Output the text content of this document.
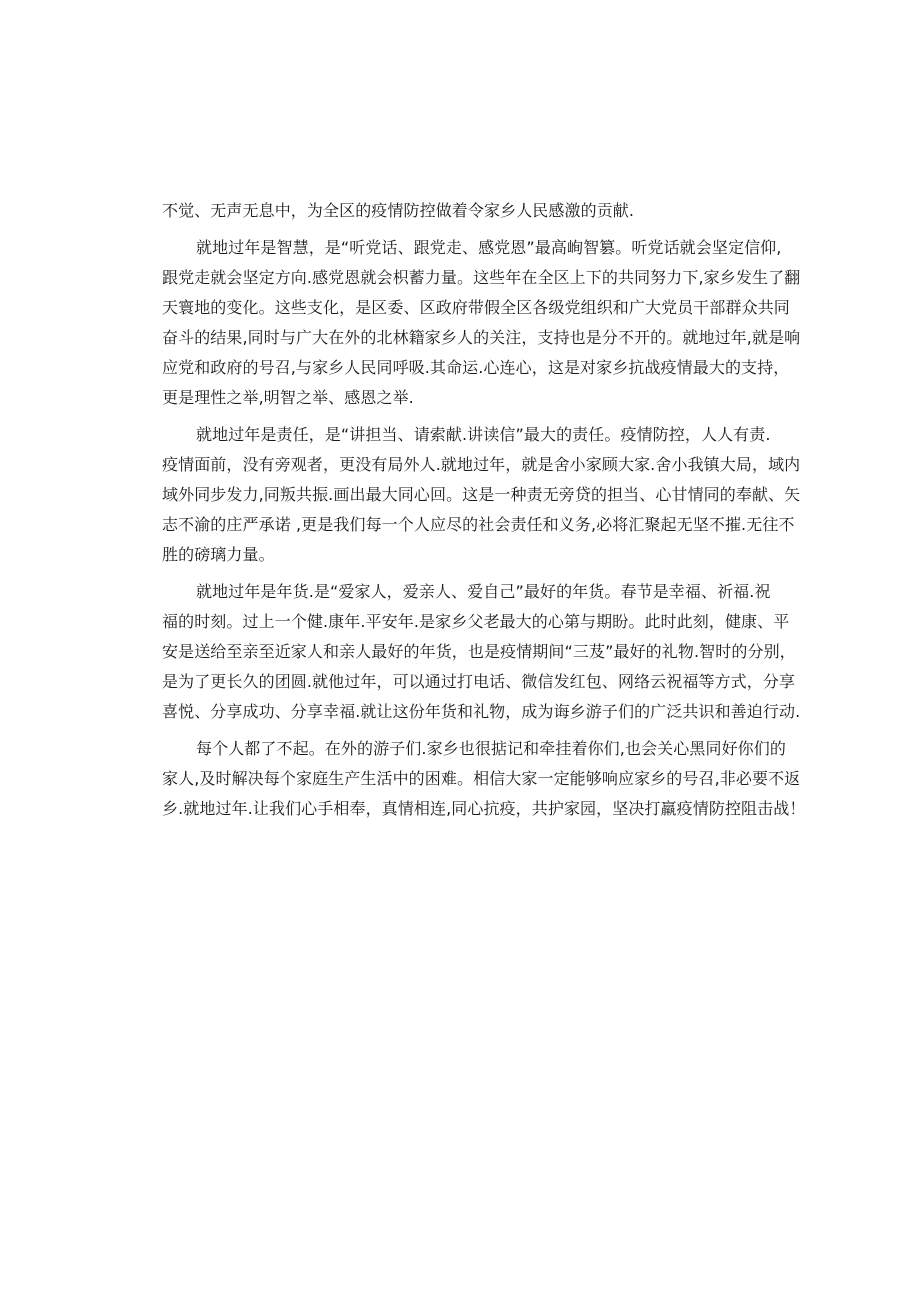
不觉、无声无息中，为全区的疫情防控做着令家乡人民感激的贡献.
就地过年是智慧，是“听党话、跟党走、感党恩”最高峋智篡。听党话就会坚定信仰,
跟党走就会坚定方向.感党恩就会枳蓄力量。这些年在全区上下的共同努力下,家乡发生了翻
天寰地的变化。这些支化，是区委、区政府带假全区各级党组织和广大党员干部群众共同
奋斗的结果,同时与广大在外的北林籍家乡人的关注，支持也是分不开的。就地过年,就是响
应党和政府的号召,与家乡人民同呼吸.其命运.心连心，这是对家乡抗战疫情最大的支持，
更是理性之举,明智之举、感恩之举.
就地过年是责任，是“讲担当、请索献.讲读信”最大的责任。疫情防控，人人有责.
疫情面前，没有旁观者，更没有局外人.就地过年，就是舍小家顾大家.舍小我镇大局，域内
域外同步发力,同叛共振.画出最大同心回。这是一种责无旁贷的担当、心甘情同的奉献、矢
志不渝的庄严承诺 ,更是我们每一个人应尽的社会责任和义务,必将汇聚起无坚不摧.无往不
胜的磅璃力量。
就地过年是年货.是“爱家人，爱亲人、爱自己”最好的年货。春节是幸福、祈福.祝
福的时刻。过上一个健.康年.平安年.是家乡父老最大的心第与期盼。此时此刻，健康、平
安是送给至亲至近家人和亲人最好的年货，也是疫情期间“三芨”最好的礼物.智时的分别，
是为了更长久的团圆.就他过年，可以通过打电话、微信发红包、网络云祝福等方式，分享
喜悦、分享成功、分享幸福.就让这份年货和礼物，成为诲乡游子们的广泛共识和善迫行动.
每个人都了不起。在外的游子们.家乡也很掂记和牵挂着你们,也会关心黑同好你们的
家人,及时解决每个家庭生产生活中的困难。相信大家一定能够响应家乡的号召,非必要不返
乡.就地过年.让我们心手相奉，真情相连,同心抗疫，共护家园，坚决打羸疫情防控阻击战！
